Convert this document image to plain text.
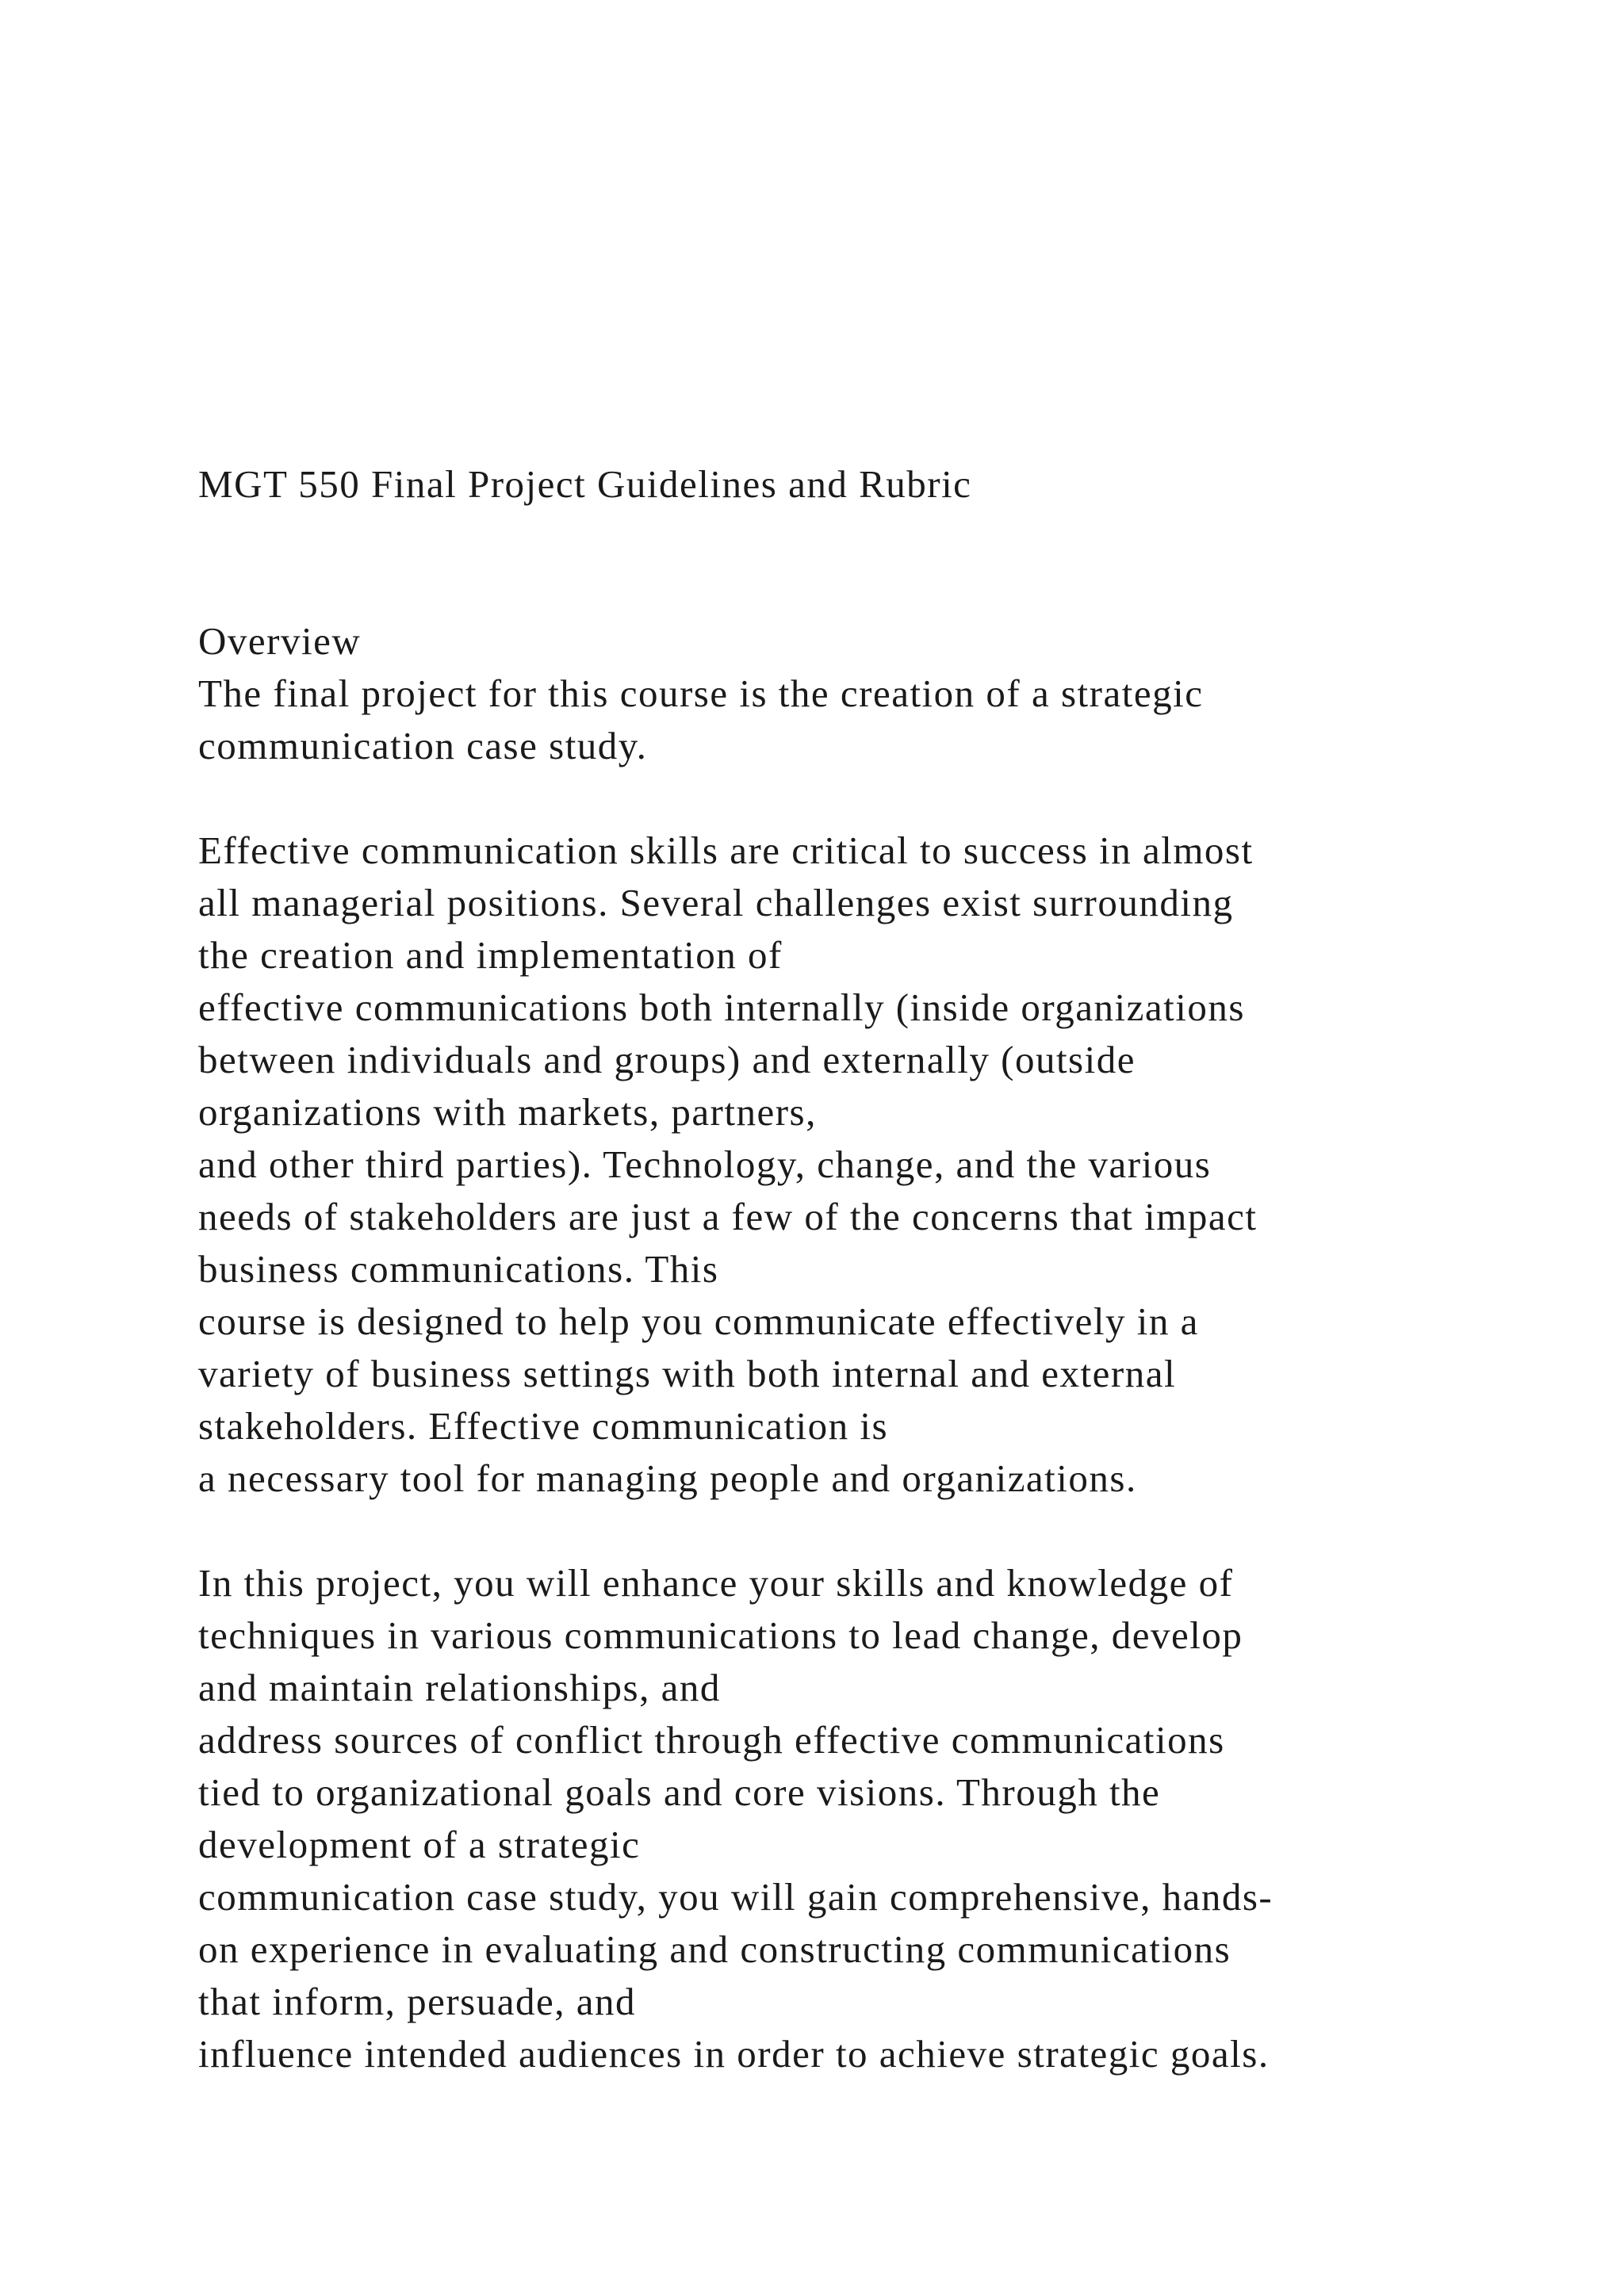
MGT 550 Final Project Guidelines and Rubric
Overview
The final project for this course is the creation of a strategic
communication case study.
Effective communication skills are critical to success in almost
all managerial positions. Several challenges exist surrounding
the creation and implementation of
effective communications both internally (inside organizations
between individuals and groups) and externally (outside
organizations with markets, partners,
and other third parties). Technology, change, and the various
needs of stakeholders are just a few of the concerns that impact
business communications. This
course is designed to help you communicate effectively in a
variety of business settings with both internal and external
stakeholders. Effective communication is
a necessary tool for managing people and organizations.
In this project, you will enhance your skills and knowledge of
techniques in various communications to lead change, develop
and maintain relationships, and
address sources of conflict through effective communications
tied to organizational goals and core visions. Through the
development of a strategic
communication case study, you will gain comprehensive, hands-
on experience in evaluating and constructing communications
that inform, persuade, and
influence intended audiences in order to achieve strategic goals.
